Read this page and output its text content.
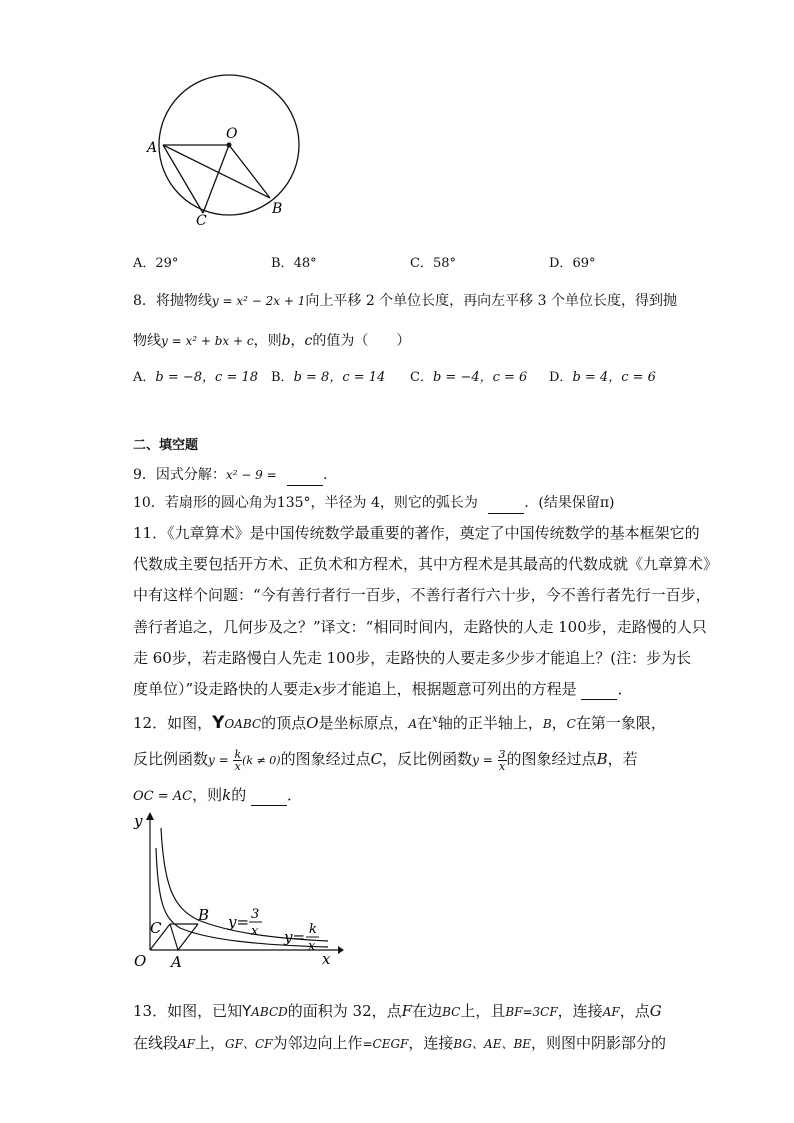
O
A
B
C
A．29°	B．48°	C．58°	D．69°
8．将抛物线y = x² − 2x + 1向上平移 2 个单位长度，再向左平移 3 个单位长度，得到抛
物线y = x² + bx + c，则b，c的值为（　　）
A．b = −8，c = 18 B．b = 8，c = 14 C．b = −4，c = 6 D．b = 4，c = 6
二、填空题
9．因式分解：x² − 9 =	．
10．若扇形的圆心角为135°，半径为 4，则它的弧长为	．(结果保留π)
11．《九章算术》是中国传统数学最重要的著作，奠定了中国传统数学的基本框架它的
代数成主要包括开方术、正负术和方程术，其中方程术是其最高的代数成就《九章算术》
中有这样个问题：“今有善行者行一百步，不善行者行六十步，今不善行者先行一百步，
善行者追之，几何步及之？”译文：“相同时间内，走路快的人走 100步，走路慢的人只
走 60步，若走路慢白人先走 100步，走路快的人要走多少步才能追上？(注：步为长
度单位）”设走路快的人要走x步才能追上，根据题意可列出的方程是	．
12．如图，YOABC的顶点O是坐标原点，A在$^x$轴的正半轴上，B，C在第一象限，
反比例函数$y = \frac{k}{x} (k \ne 0)$的图象经过点C，反比例函数$y = \frac{3}{x}$ 的图象经过点B，若
OC = AC，则k的	．
y
x
O A
B
C	y= 3
x y= k
x
13．如图，已知YABCD的面积为 32，点F在边BC上，且BF=3CF，连接AF，点G
在线段AF上，GF、CF为邻边向上作=CEGF，连接BG、AE、BE，则图中阴影部分的
